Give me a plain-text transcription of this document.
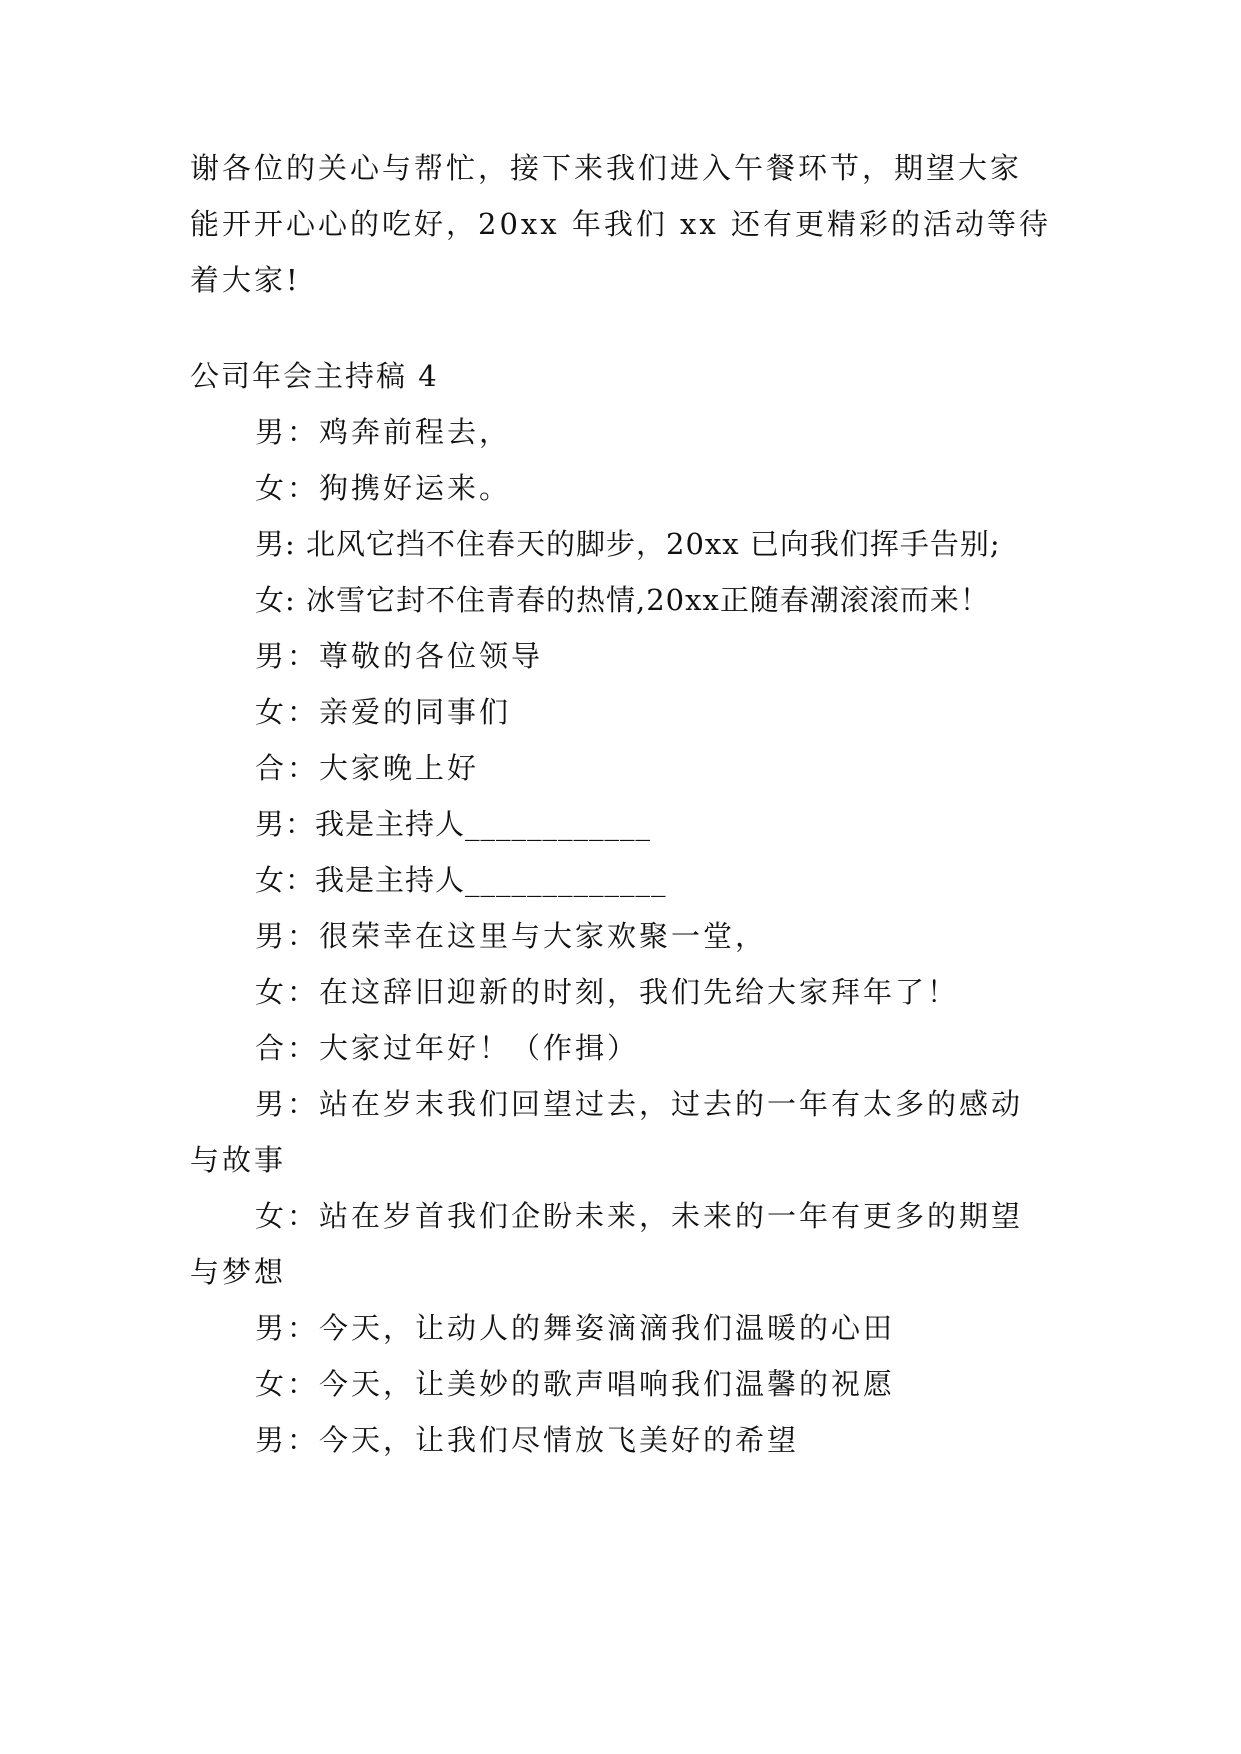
谢各位的关心与帮忙，接下来我们进入午餐环节，期望大家
能开开心心的吃好，20xx 年我们 xx 还有更精彩的活动等待
着大家!
公司年会主持稿 4
男：鸡奔前程去，
女：狗携好运来。
男: 北风它挡不住春天的脚步，20xx 已向我们挥手告别;
女: 冰雪它封不住青春的热情,20xx正随春潮滚滚而来！
男：尊敬的各位领导
女：亲爱的同事们
合：大家晚上好
男：我是主持人____________
女：我是主持人_____________
男：很荣幸在这里与大家欢聚一堂，
女：在这辞旧迎新的时刻，我们先给大家拜年了！
合：大家过年好！（作揖）
男：站在岁末我们回望过去，过去的一年有太多的感动
与故事
女：站在岁首我们企盼未来，未来的一年有更多的期望
与梦想
男：今天，让动人的舞姿滴滴我们温暖的心田
女：今天，让美妙的歌声唱响我们温馨的祝愿
男：今天，让我们尽情放飞美好的希望
